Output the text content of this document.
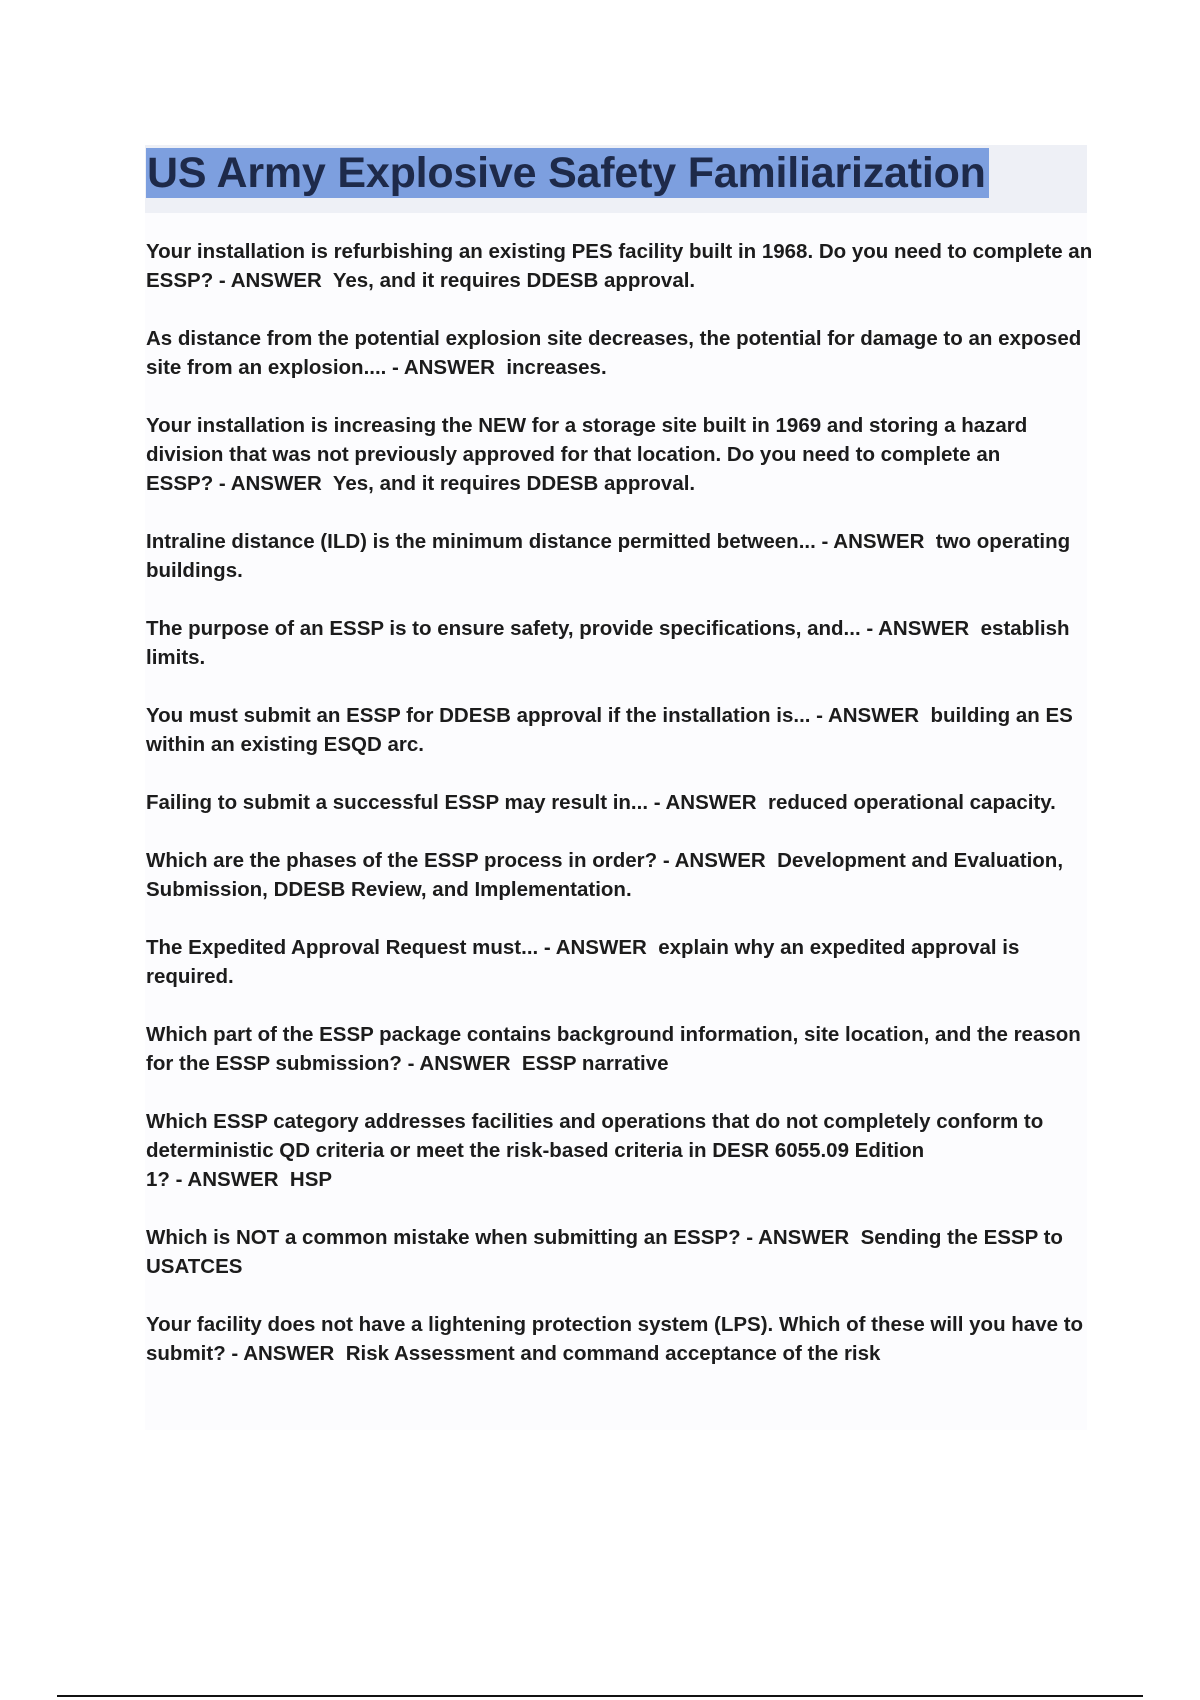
US Army Explosive Safety Familiarization
Your installation is refurbishing an existing PES facility built in 1968. Do you need to complete an ESSP? - ANSWER Yes, and it requires DDESB approval.
As distance from the potential explosion site decreases, the potential for damage to an exposed site from an explosion.... - ANSWER increases.
Your installation is increasing the NEW for a storage site built in 1969 and storing a hazard division that was not previously approved for that location. Do you need to complete an ESSP? - ANSWER Yes, and it requires DDESB approval.
Intraline distance (ILD) is the minimum distance permitted between... - ANSWER two operating buildings.
The purpose of an ESSP is to ensure safety, provide specifications, and... - ANSWER establish limits.
You must submit an ESSP for DDESB approval if the installation is... - ANSWER building an ES within an existing ESQD arc.
Failing to submit a successful ESSP may result in... - ANSWER reduced operational capacity.
Which are the phases of the ESSP process in order? - ANSWER Development and Evaluation, Submission, DDESB Review, and Implementation.
The Expedited Approval Request must... - ANSWER explain why an expedited approval is required.
Which part of the ESSP package contains background information, site location, and the reason for the ESSP submission? - ANSWER ESSP narrative
Which ESSP category addresses facilities and operations that do not completely conform to deterministic QD criteria or meet the risk-based criteria in DESR 6055.09 Edition 1? - ANSWER HSP
Which is NOT a common mistake when submitting an ESSP? - ANSWER Sending the ESSP to USATCES
Your facility does not have a lightening protection system (LPS). Which of these will you have to submit? - ANSWER Risk Assessment and command acceptance of the risk
